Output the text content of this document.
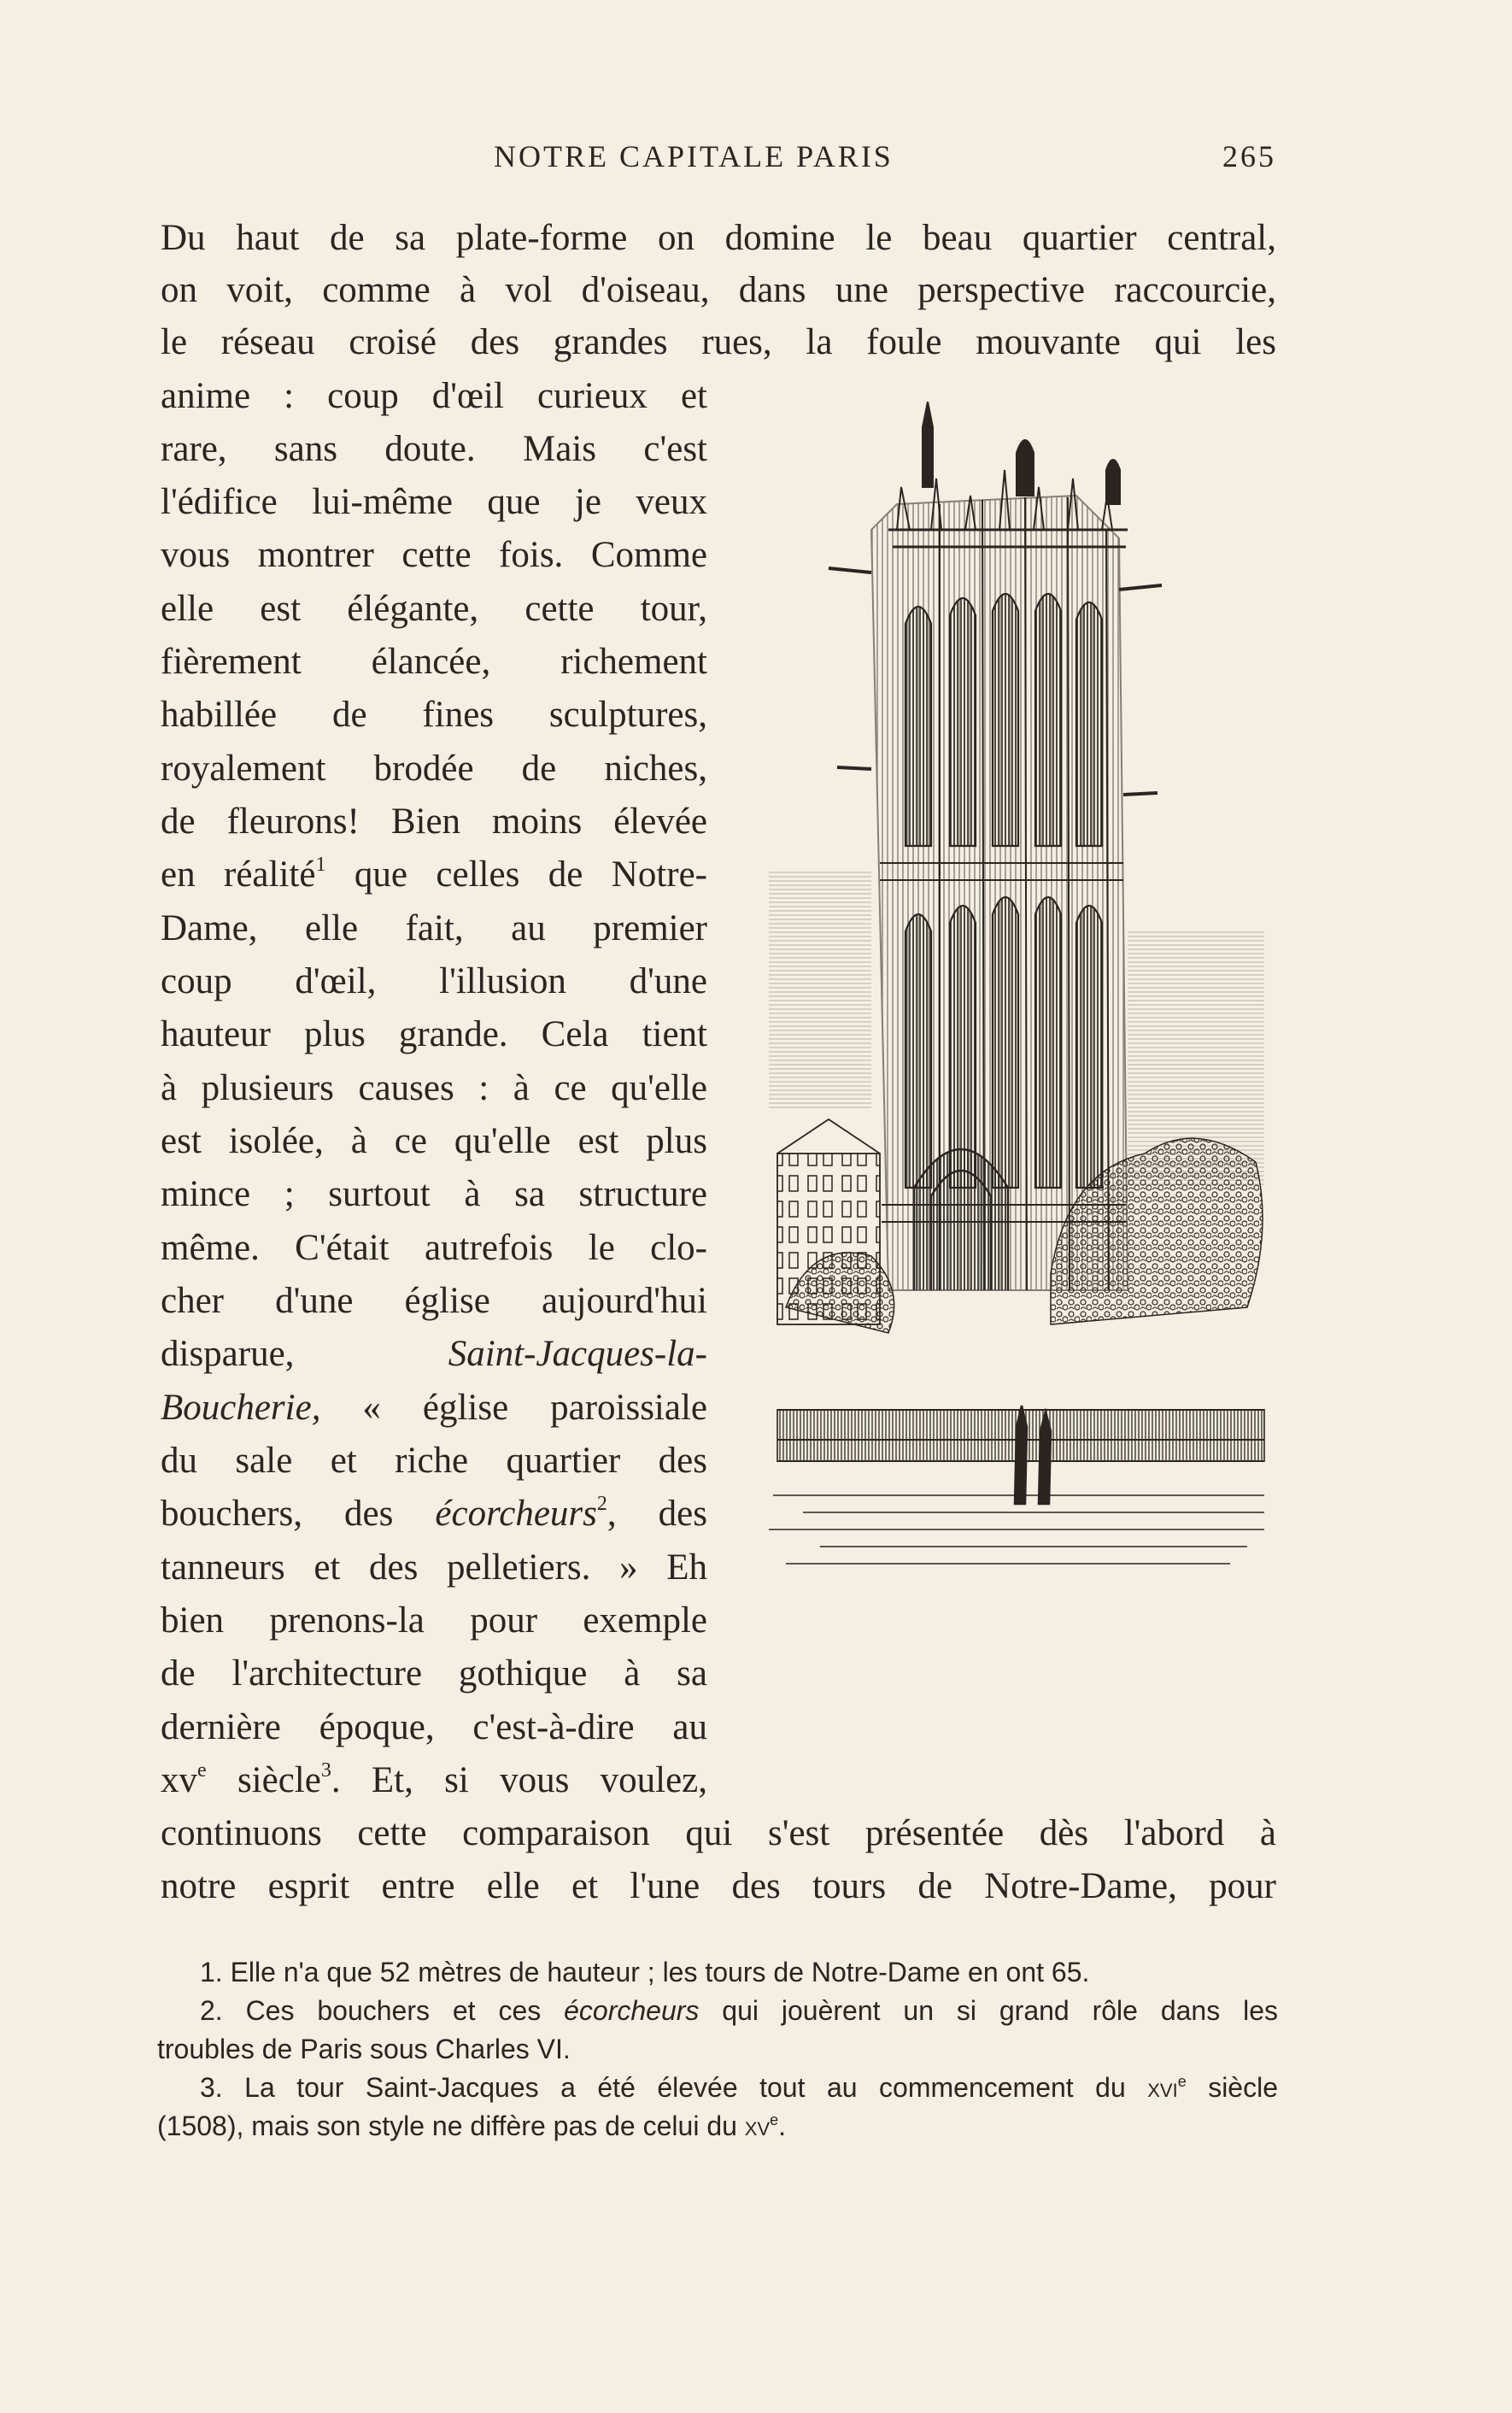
NOTRE CAPITALE PARIS	265
Du haut de sa plate-forme on domine le beau quartier central,
on voit, comme à vol d'oiseau, dans une perspective raccourcie,
le réseau croisé des grandes rues, la foule mouvante qui les
anime : coup d'œil curieux et
rare, sans doute. Mais c'est
l'édifice lui-même que je veux
vous montrer cette fois. Comme
elle est élégante, cette tour,
fièrement élancée, richement
habillée de fines sculptures,
royalement brodée de niches,
de fleurons! Bien moins élevée
en réalité$^1$ que celles de Notre-
Dame, elle fait, au premier
coup d'œil, l'illusion d'une
hauteur plus grande. Cela tient
à plusieurs causes : à ce qu'elle
est isolée, à ce qu'elle est plus
mince ; surtout à sa structure
même. C'était autrefois le clo-
cher d'une église aujourd'hui
disparue, Saint-Jacques-la-
Boucherie, « église paroissiale
du sale et riche quartier des
bouchers, des écorcheurs$^2$, des
tanneurs et des pelletiers. » Eh
bien prenons-la pour exemple
de l'architecture gothique à sa
dernière époque, c'est-à-dire au
$xv^e$ siècle$^3$. Et, si vous voulez,
continuons cette comparaison qui s'est présentée dès l'abord à
notre esprit entre elle et l'une des tours de Notre-Dame, pour
1. Elle n'a que 52 mètres de hauteur ; les tours de Notre-Dame en ont 65.
2. Ces bouchers et ces écorcheurs qui jouèrent un si grand rôle dans les
troubles de Paris sous Charles VI.
3. La tour Saint-Jacques a été élevée tout au commencement du xvi$^e$ siècle
(1508), mais son style ne diffère pas de celui du $xv^e$.
